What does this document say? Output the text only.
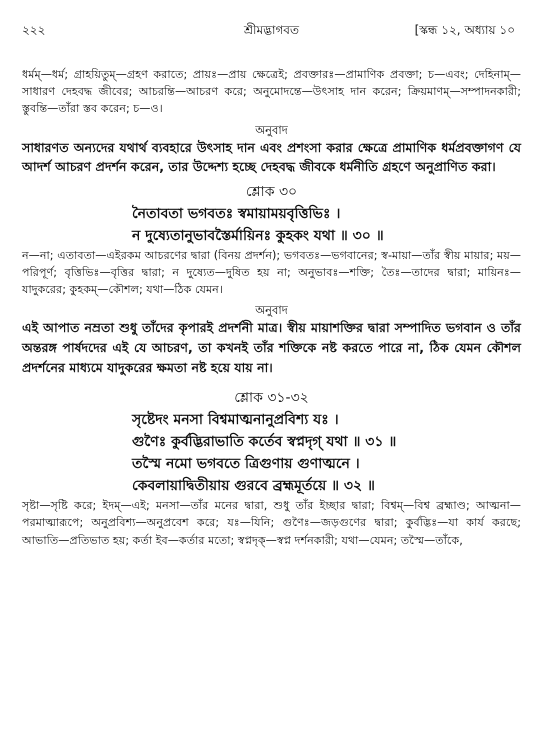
২২২	শ্রীমদ্ভাগবত	[স্কন্ধ ১২, অধ্যায় ১০

ধর্মম্—ধর্ম; গ্রাহয়িতুম্—গ্রহণ করাতে; প্রায়ঃ—প্রায় ক্ষেত্রেই; প্রবক্তারঃ—প্রামাণিক প্রবক্তা; চ—এবং; দেহিনাম্—সাধারণ দেহবদ্ধ জীবের; আচরন্তি—আচরণ করে; অনুমোদন্তে—উৎসাহ দান করেন; ক্রিয়মাণম্—সম্পাদনকারী; স্তুবন্তি—তাঁরা স্তব করেন; চ—ও।

অনুবাদ

সাধারণত অন্যদের যথার্থ ব্যবহারে উৎসাহ দান এবং প্রশংসা করার ক্ষেত্রে প্রামাণিক ধর্মপ্রবক্তাগণ যে আদর্শ আচরণ প্রদর্শন করেন, তার উদ্দেশ্য হচ্ছে দেহবদ্ধ জীবকে ধর্মনীতি গ্রহণে অনুপ্রাণিত করা।

শ্লোক ৩০
নৈতাবতা ভগবতঃ স্বমায়াময়বৃত্তিভিঃ ।
ন দুষ্যেতানুভাবস্তৈর্মায়িনঃ কুহকং যথা ॥ ৩০ ॥

ন—না; এতাবতা—এইরকম আচরণের দ্বারা (বিনয় প্রদর্শন); ভগবতঃ—ভগবানের; স্ব-মায়া—তাঁর স্বীয় মায়ার; ময়—পরিপূর্ণ; বৃত্তিভিঃ—বৃত্তির দ্বারা; ন দুষ্যেত—দুষিত হয় না; অনুভাবঃ—শক্তি; তৈঃ—তাদের দ্বারা; মায়িনঃ—যাদুকরের; কুহকম্—কৌশল; যথা—ঠিক যেমন।

অনুবাদ

এই আপাত নম্রতা শুধু তাঁদের কৃপারই প্রদর্শনী মাত্র। স্বীয় মায়াশক্তির দ্বারা সম্পাদিত ভগবান ও তাঁর অন্তরঙ্গ পার্ষদদের এই যে আচরণ, তা কখনই তাঁর শক্তিকে নষ্ট করতে পারে না, ঠিক যেমন কৌশল প্রদর্শনের মাধ্যমে যাদুকরের ক্ষমতা নষ্ট হয়ে যায় না।

শ্লোক ৩১-৩২
সৃষ্টেদং মনসা বিশ্বমাত্মনানুপ্রবিশ্য যঃ ।
গুণৈঃ কুর্বদ্ভিরাভাতি কর্তেব স্বপ্নদৃগ্ যথা ॥ ৩১ ॥
তস্মৈ নমো ভগবতে ত্রিগুণায় গুণাত্মনে ।
কেবলায়াদ্বিতীয়ায় গুরবে ব্রহ্মমূর্তয়ে ॥ ৩২ ॥

সৃষ্টা—সৃষ্টি করে; ইদম্—এই; মনসা—তাঁর মনের দ্বারা, শুধু তাঁর ইচ্ছার দ্বারা; বিশ্বম্—বিশ্ব ব্রহ্মাণ্ড; আত্মনা—পরমাত্মারূপে; অনুপ্রবিশ্য—অনুপ্রবেশ করে; যঃ—যিনি; গুণৈঃ—জড়গুণের দ্বারা; কুর্বদ্ভিঃ—যা কার্য করছে; আভাতি—প্রতিভাত হয়; কর্তা ইব—কর্তার মতো; স্বপ্নদৃক্—স্বপ্ন দর্শনকারী; যথা—যেমন; তস্মৈ—তাঁকে,
